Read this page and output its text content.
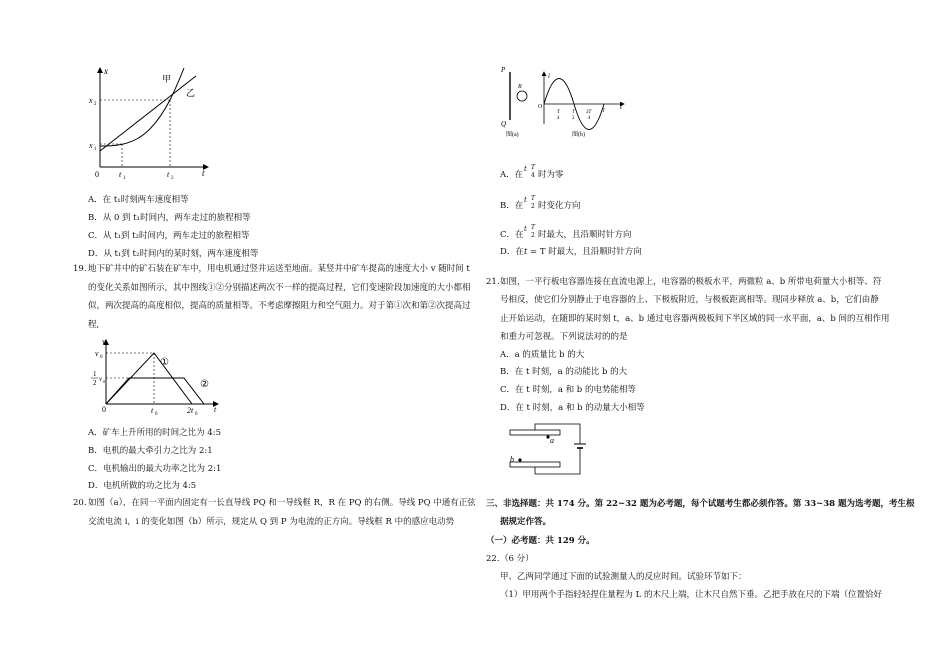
x
甲
乙
x 2
x 1
0	t 1	t 2
t
A．在 t₁时刻两车速度相等
B．从 0 到 t₁时间内，两车走过的旅程相等
C．从 t₁到 t₂时间内，两车走过的旅程相等
D．从 t₁到 t₂时间内的某时刻，两车速度相等
19. 地下矿井中的矿石装在矿车中，用电机通过竖井运送至地面。某竖井中矿车提高的速度大小 v 随时间 t
的变化关系如图所示，其中图线①②分别描述两次不一样的提高过程，它们变速阶段加速度的大小都相
似，两次提高的高度相似，提高的质量相等。不考虑摩擦阻力和空气阻力。对于第①次和第②次提高过
程,
v
v 0
1
2 v 0
0	t 0	2t 0
t
①
②
A．矿车上升所用的时间之比为 4:5
B．电机的最大牵引力之比为 2:1
C．电机输出的最大功率之比为 2:1
D．电机所做的功之比为 4:5
20. 如图（a），在同一平面内固定有一长直导线 PQ 和一导线框 R，R 在 PQ 的右侧。导线 PQ 中通有正弦
交流电流 i，i 的变化如图（b）所示，规定从 Q 到 P 为电流的正方向。导线框 R 中的感应电动势
P
Q
R
图(a)
i
O	t
T
4
T
2
3T
4
T
图(b)
A．在
t T
4 时为零
B．在
t T
2 时变化方向
C．在
t T
2 时最大，且沿顺时针方向
D．在 t = T 时最大，且沿顺时针方向
21. 如图，一平行板电容器连接在直流电源上，电容器的极板水平，两微粒 a、b 所带电荷量大小相等、符
号相反，使它们分别静止于电容器的上、下极板附近，与极板距离相等。现同步释放 a、b，它们由静
止开始运动，在随即的某时刻 t，a、b 通过电容器两极板间下半区域的同一水平面，a、b 间的互相作用
和重力可忽视。下列说法对的的是
A．a 的质量比 b 的大
B．在 t 时刻，a 的动能比 b 的大
C．在 t 时刻，a 和 b 的电势能相等
D．在 t 时刻，a 和 b 的动量大小相等
a
b
三、非选择题：共 174 分。第 22~32 题为必考题，每个试题考生都必须作答。第 33~38 题为选考题，考生根
据规定作答。
（一）必考题：共 129 分。
22. （6 分）
甲、乙两同学通过下面的试验测量人的反应时间。试验环节如下：
（1）甲用两个手指轻轻捏住量程为 L 的木尺上端，让木尺自然下垂。乙把手放在尺的下端（位置恰好
